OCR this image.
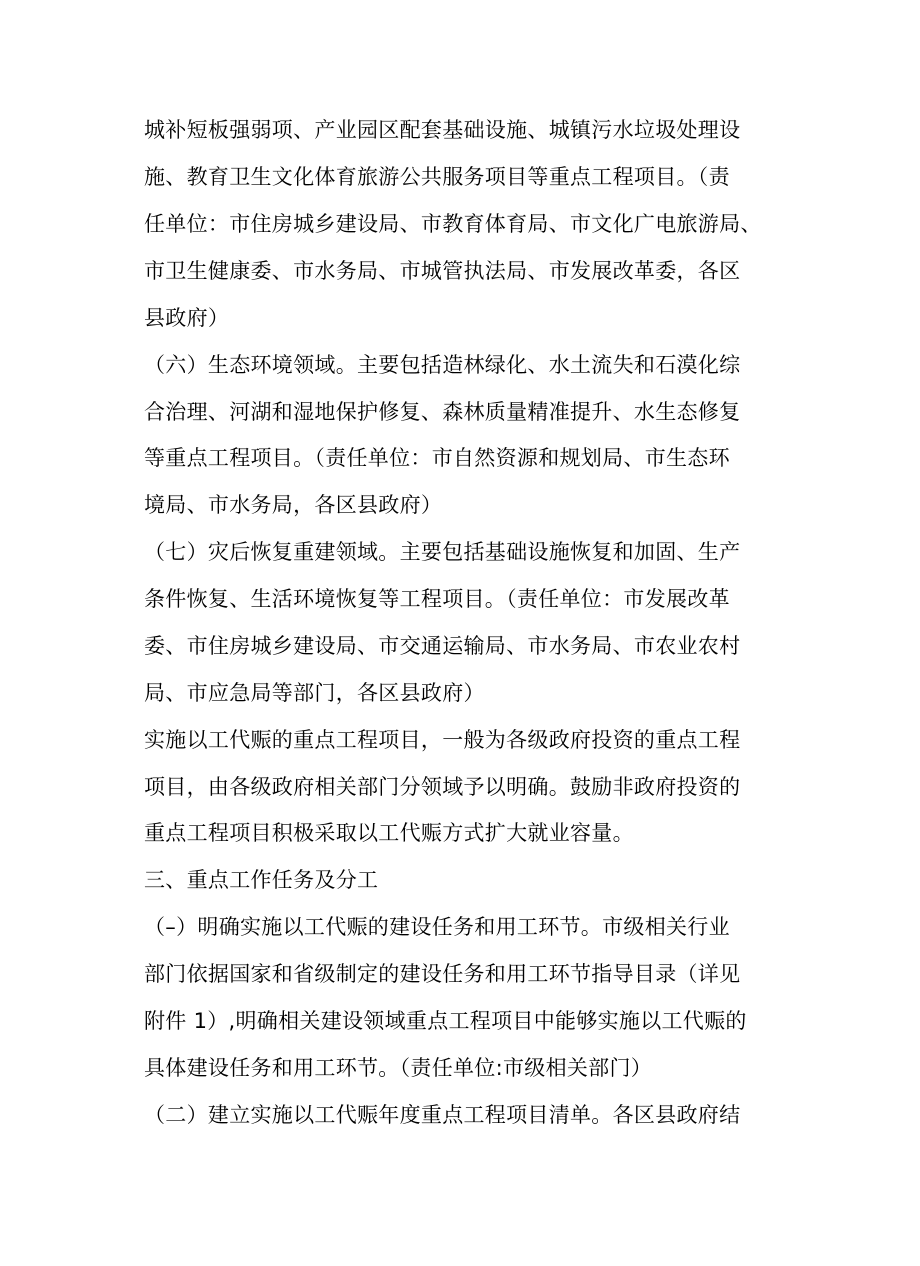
城补短板强弱项、产业园区配套基础设施、城镇污水垃圾处理设
施、教育卫生文化体育旅游公共服务项目等重点工程项目。（责
任单位：市住房城乡建设局、市教育体育局、市文化广电旅游局、
市卫生健康委、市水务局、市城管执法局、市发展改革委，各区
县政府）
（六）生态环境领域。主要包括造林绿化、水土流失和石漠化综
合治理、河湖和湿地保护修复、森林质量精准提升、水生态修复
等重点工程项目。（责任单位：市自然资源和规划局、市生态环
境局、市水务局，各区县政府）
（七）灾后恢复重建领域。主要包括基础设施恢复和加固、生产
条件恢复、生活环境恢复等工程项目。（责任单位：市发展改革
委、市住房城乡建设局、市交通运输局、市水务局、市农业农村
局、市应急局等部门，各区县政府）
实施以工代赈的重点工程项目，一般为各级政府投资的重点工程
项目，由各级政府相关部门分领域予以明确。鼓励非政府投资的
重点工程项目积极采取以工代赈方式扩大就业容量。
三、重点工作任务及分工
（–）明确实施以工代赈的建设任务和用工环节。市级相关行业
部门依据国家和省级制定的建设任务和用工环节指导目录（详见
附件 1）,明确相关建设领域重点工程项目中能够实施以工代赈的
具体建设任务和用工环节。（责任单位:市级相关部门）
（二）建立实施以工代赈年度重点工程项目清单。各区县政府结
